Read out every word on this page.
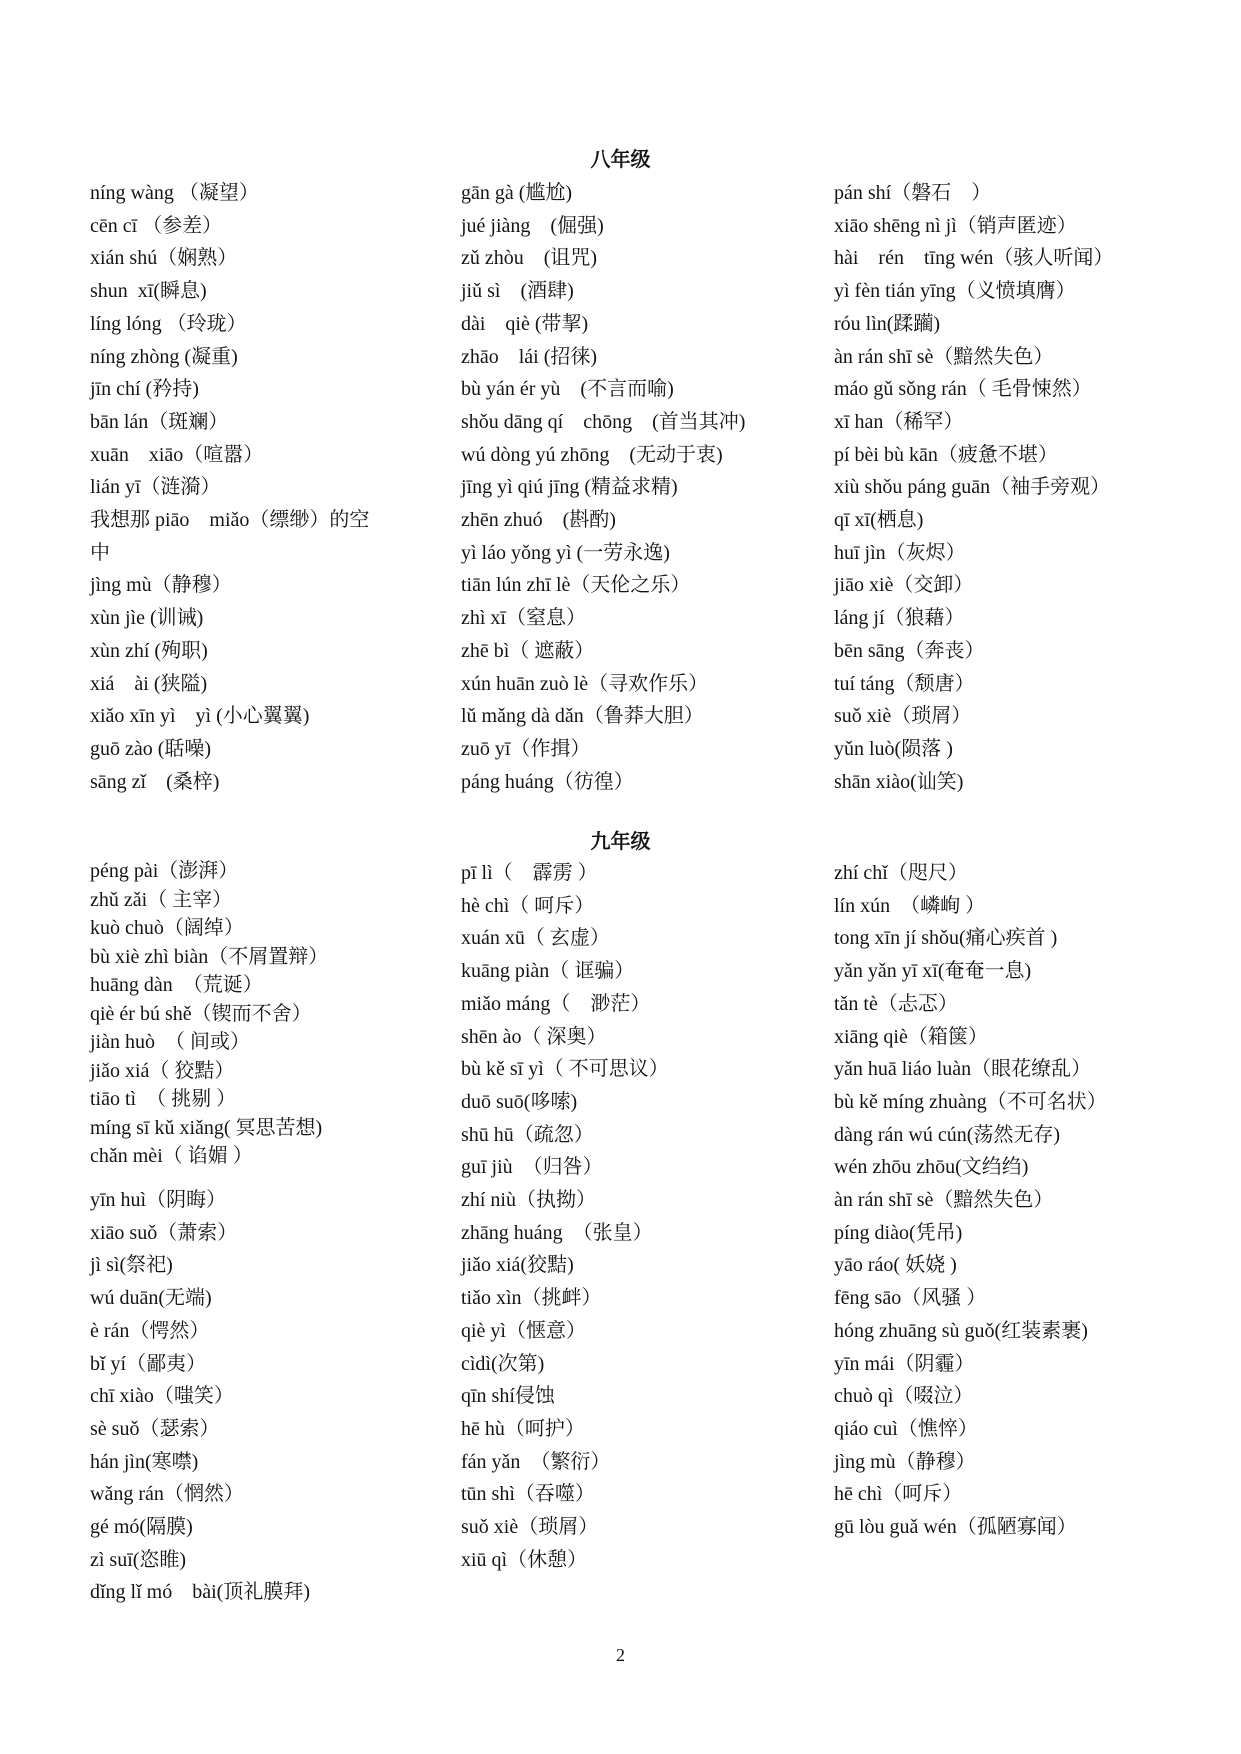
八年级
níng wàng （凝望）
cēn cī （参差）
xián shú（娴熟）
shun  xī(瞬息)
líng lóng （玲珑）
níng zhòng (凝重)
jīn chí (矜持)
bān lán（斑斓）
xuān　xiāo（喧嚣）
lián yī（涟漪）
我想那 piāo　miǎo（缥缈）的空
中
jìng mù（静穆）
xùn jìe (训诫)
xùn zhí (殉职)
xiá　ài (狭隘)
xiǎo xīn yì　yì (小心翼翼)
guō zào (聒噪)
sāng zǐ　(桑梓)
gān gà (尴尬)
jué jiàng　(倔强)
zǔ zhòu　(诅咒)
jiǔ sì　(酒肆)
dài　qiè (带挈)
zhāo　lái (招徕)
bù yán ér yù　(不言而喻)
shǒu dāng qí　chōng　(首当其冲)
wú dòng yú zhōng　(无动于衷)
jīng yì qiú jīng (精益求精)
zhēn zhuó　(斟酌)
yì láo yǒng yì (一劳永逸)
tiān lún zhī lè（天伦之乐）
zhì xī（窒息）
zhē bì（ 遮蔽）
xún huān zuò lè（寻欢作乐）
lǔ mǎng dà dǎn（鲁莽大胆）
zuō yī（作揖）
páng huáng（彷徨）
pán shí（磐石　）
xiāo shēng nì jì（销声匿迹）
hài　rén　tīng wén（骇人听闻）
yì fèn tián yīng（义愤填膺）
róu lìn(蹂躏)
àn rán shī sè（黯然失色）
máo gǔ sǒng rán（ 毛骨悚然）
xī han（稀罕）
pí bèi bù kān（疲惫不堪）
xiù shǒu páng guān（袖手旁观）
qī xī(栖息)
huī jìn（灰烬）
jiāo xiè（交卸）
láng jí（狼藉）
bēn sāng（奔丧）
tuí táng（颓唐）
suǒ xiè（琐屑）
yǔn luò(陨落 )
shān xiào(讪笑)
九年级
péng pài（澎湃）
zhǔ zǎi（ 主宰）
kuò chuò（阔绰）
bù xiè zhì biàn（不屑置辩）
huāng dàn　（荒诞）
qiè ér bú shě（锲而不舍）
jiàn huò　（ 间或）
jiǎo xiá（ 狡黠）
tiāo tì　（ 挑剔 ）
míng sī kǔ xiǎng( 冥思苦想)
chǎn mèi（ 谄媚 ）
yīn huì（阴晦）
xiāo suǒ（萧索）
jì sì(祭祀)
wú duān(无端)
è rán（愕然）
bǐ yí（鄙夷）
chī xiào（嗤笑）
sè suǒ（瑟索）
hán jìn(寒噤)
wǎng rán（惘然）
gé mó(隔膜)
zì suī(恣睢)
dǐng lǐ mó　bài(顶礼膜拜)
pī lì（　霹雳 ）
hè chì（ 呵斥）
xuán xū（ 玄虚）
kuāng piàn（ 诓骗）
miǎo máng（　渺茫）
shēn ào（ 深奥）
bù kě sī yì（ 不可思议）
duō suō(哆嗦)
shū hū（疏忽）
guī jiù　（归咎）
zhí niù（执拗）
zhāng huáng　（张皇）
jiǎo xiá(狡黠)
tiǎo xìn（挑衅）
qiè yì（惬意）
cìdì(次第)
qīn shí侵蚀
hē hù（呵护）
fán yǎn　（繁衍）
tūn shì（吞噬）
suǒ xiè（琐屑）
xiū qì（休憩）
zhí chǐ（咫尺）
lín xún　（嶙峋 ）
tong xīn jí shǒu(痛心疾首 )
yǎn yǎn yī xī(奄奄一息)
tǎn tè（忐忑）
xiāng qiè（箱箧）
yǎn huā liáo luàn（眼花缭乱）
bù kě míng zhuàng（不可名状）
dàng rán wú cún(荡然无存)
wén zhōu zhōu(文绉绉)
àn rán shī sè（黯然失色）
píng diào(凭吊)
yāo ráo( 妖娆 )
fēng sāo（风骚 ）
hóng zhuāng sù guǒ(红装素裹)
yīn mái（阴霾）
chuò qì（啜泣）
qiáo cuì（憔悴）
jìng mù（静穆）
hē chì（呵斥）
gū lòu guǎ wén（孤陋寡闻）
2
